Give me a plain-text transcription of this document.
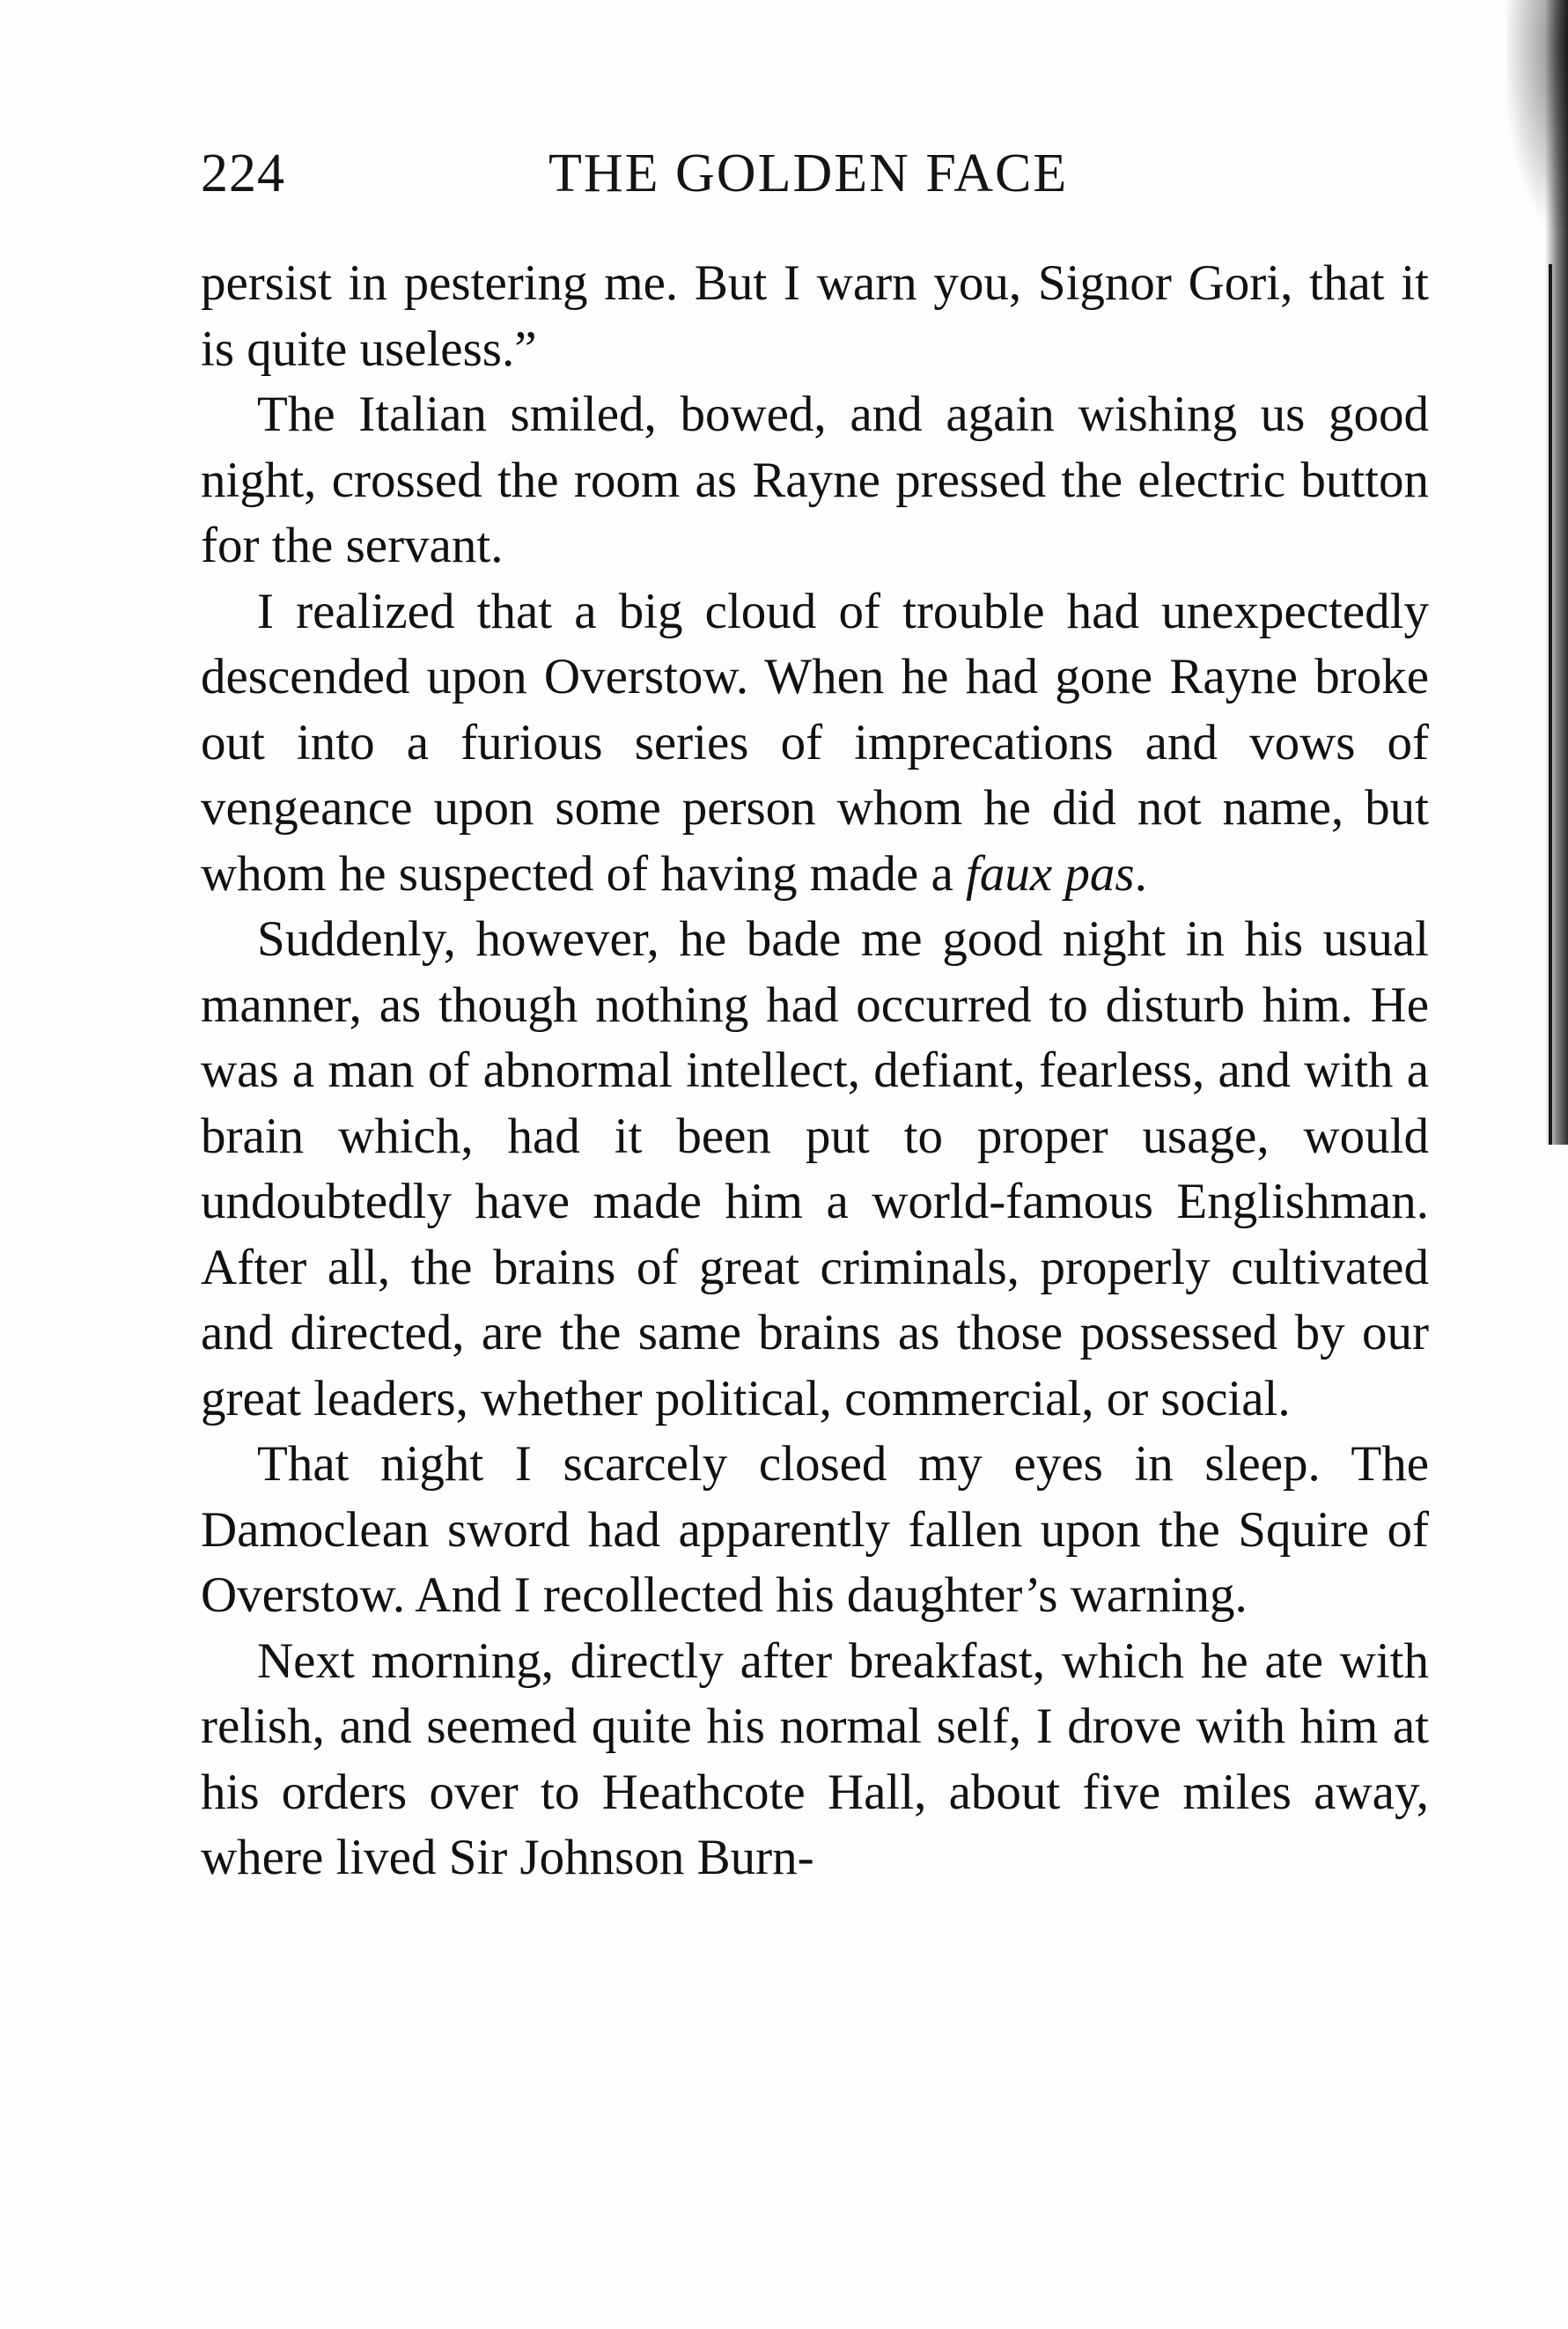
224	THE GOLDEN FACE

persist in pestering me. But I warn you, Signor Gori, that it is quite useless.”

The Italian smiled, bowed, and again wishing us good night, crossed the room as Rayne pressed the electric button for the servant.

I realized that a big cloud of trouble had unexpectedly descended upon Overstow. When he had gone Rayne broke out into a furious series of imprecations and vows of vengeance upon some person whom he did not name, but whom he suspected of having made a faux pas.

Suddenly, however, he bade me good night in his usual manner, as though nothing had occurred to disturb him. He was a man of abnormal intellect, defiant, fearless, and with a brain which, had it been put to proper usage, would undoubtedly have made him a world-famous Englishman. After all, the brains of great criminals, properly cultivated and directed, are the same brains as those possessed by our great leaders, whether political, commercial, or social.

That night I scarcely closed my eyes in sleep. The Damoclean sword had apparently fallen upon the Squire of Overstow. And I recollected his daughter’s warning.

Next morning, directly after breakfast, which he ate with relish, and seemed quite his normal self, I drove with him at his orders over to Heathcote Hall, about five miles away, where lived Sir Johnson Burn-
